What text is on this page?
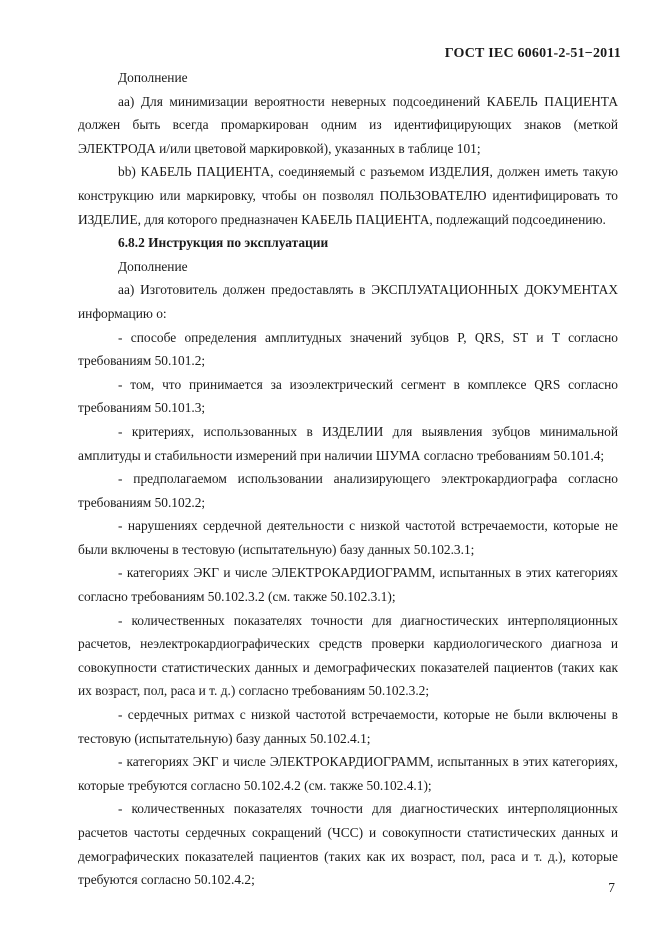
ГОСТ IEC 60601-2-51−2011

Дополнение

aa) Для минимизации вероятности неверных подсоединений КАБЕЛЬ ПАЦИЕНТА должен быть всегда промаркирован одним из идентифицирующих знаков (меткой ЭЛЕКТРОДА и/или цветовой маркировкой), указанных в таблице 101;

bb) КАБЕЛЬ ПАЦИЕНТА, соединяемый с разъемом ИЗДЕЛИЯ, должен иметь такую конструкцию или маркировку, чтобы он позволял ПОЛЬЗОВАТЕЛЮ идентифицировать то ИЗДЕЛИЕ, для которого предназначен КАБЕЛЬ ПАЦИЕНТА, подлежащий подсоединению.

6.8.2 Инструкция по эксплуатации

Дополнение

aa) Изготовитель должен предоставлять в ЭКСПЛУАТАЦИОННЫХ ДОКУМЕНТАХ информацию о:

- способе определения амплитудных значений зубцов P, QRS, ST и T согласно требованиям 50.101.2;

- том, что принимается за изоэлектрический сегмент в комплексе QRS согласно требованиям 50.101.3;

- критериях, использованных в ИЗДЕЛИИ для выявления зубцов минимальной амплитуды и стабильности измерений при наличии ШУМА согласно требованиям 50.101.4;

- предполагаемом использовании анализирующего электрокардиографа согласно требованиям 50.102.2;

- нарушениях сердечной деятельности с низкой частотой встречаемости, которые не были включены в тестовую (испытательную) базу данных 50.102.3.1;

- категориях ЭКГ и числе ЭЛЕКТРОКАРДИОГРАММ, испытанных в этих категориях согласно требованиям 50.102.3.2 (см. также 50.102.3.1);

- количественных показателях точности для диагностических интерполяционных расчетов, неэлектрокардиографических средств проверки кардиологического диагноза и совокупности статистических данных и демографических показателей пациентов (таких как их возраст, пол, раса и т. д.) согласно требованиям 50.102.3.2;

- сердечных ритмах с низкой частотой встречаемости, которые не были включены в тестовую (испытательную) базу данных 50.102.4.1;

- категориях ЭКГ и числе ЭЛЕКТРОКАРДИОГРАММ, испытанных в этих категориях, которые требуются согласно 50.102.4.2 (см. также 50.102.4.1);

- количественных показателях точности для диагностических интерполяционных расчетов частоты сердечных сокращений (ЧСС) и совокупности статистических данных и демографических показателей пациентов (таких как их возраст, пол, раса и т. д.), которые требуются согласно 50.102.4.2;

7
